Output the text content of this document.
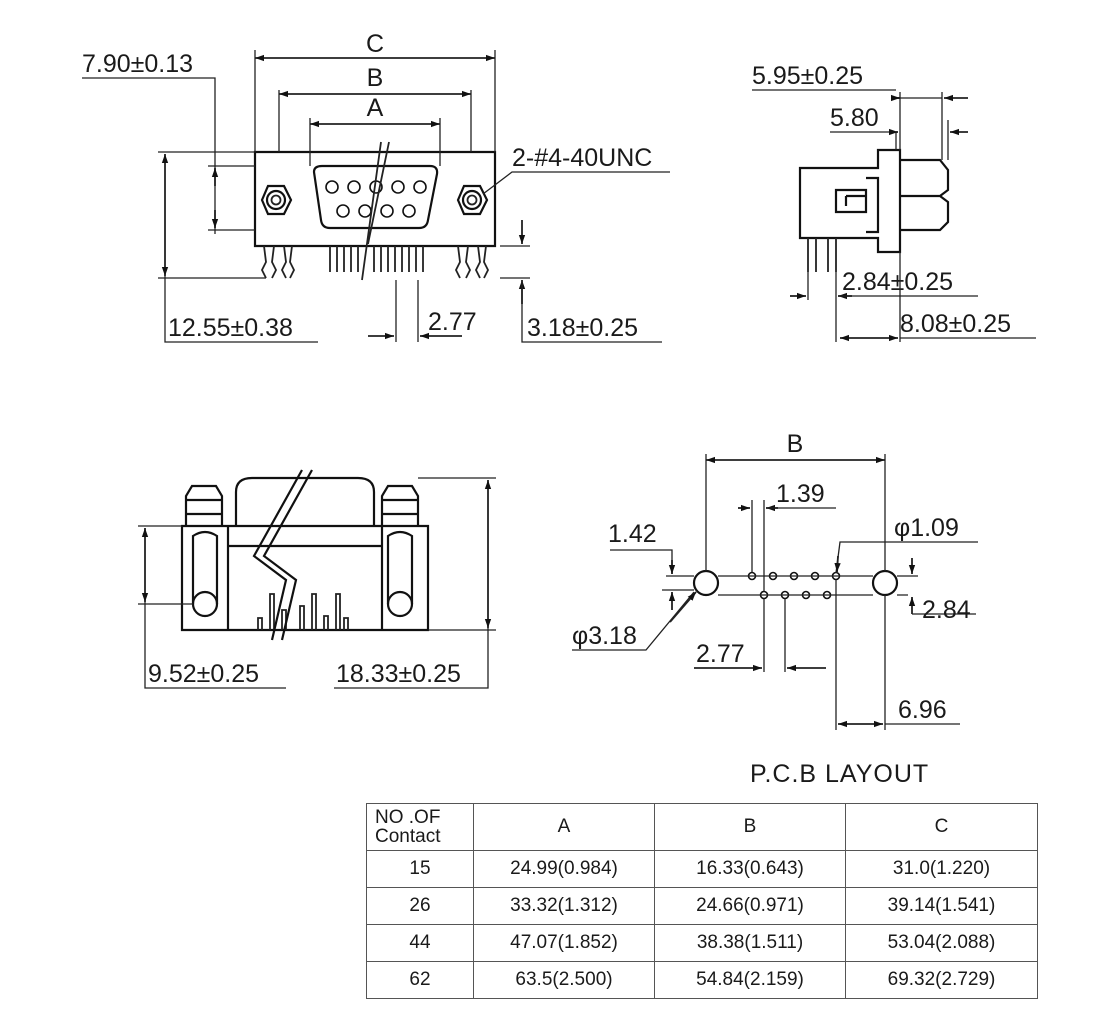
C
B
A
7.90±0.13
2-#4-40UNC
12.55±0.38	2.77 3.18±0.25
5.95±0.25
5.80
2.84±0.25
8.08±0.25
9.52±0.25	18.33±0.25
B
1.39
1.42	φ1.09
φ3.18
2.84
2.77
6.96
P.C.B LAYOUT
NO .OF
Contact	A	B	C
15	24.99(0.984)	16.33(0.643)	31.0(1.220)
26	33.32(1.312)	24.66(0.971)	39.14(1.541)
44	47.07(1.852)	38.38(1.511)	53.04(2.088)
62	63.5(2.500)	54.84(2.159)	69.32(2.729)
